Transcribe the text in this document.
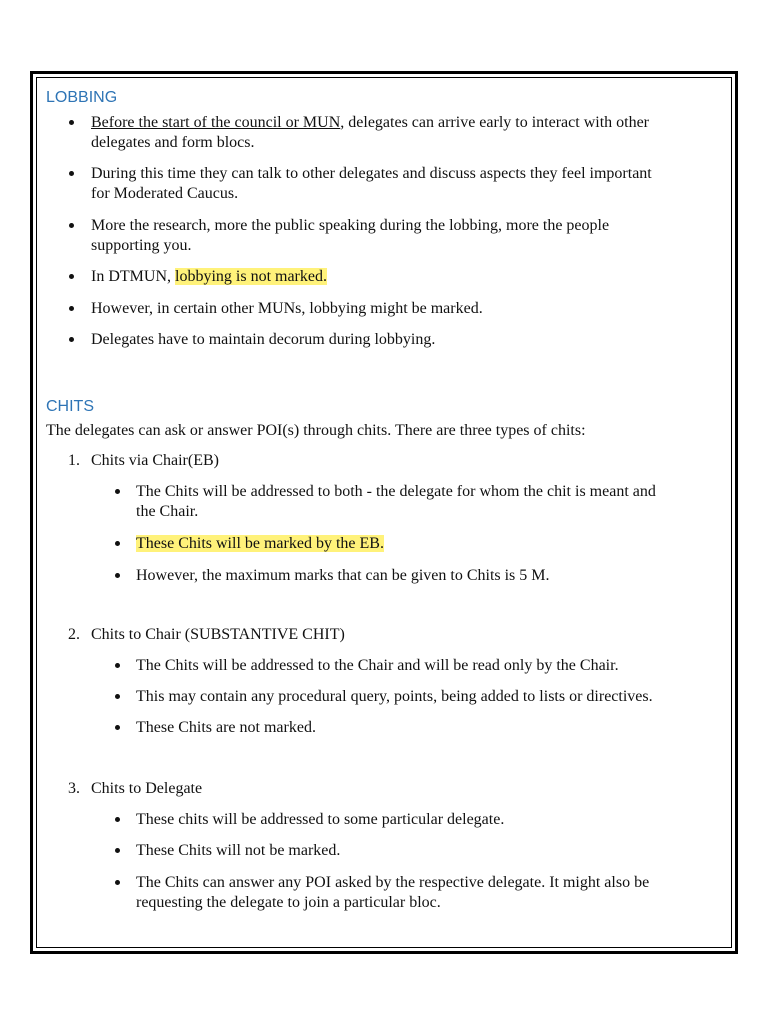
LOBBING
Before the start of the council or MUN, delegates can arrive early to interact with other
delegates and form blocs.
During this time they can talk to other delegates and discuss aspects they feel important
for Moderated Caucus.
More the research, more the public speaking during the lobbing, more the people
supporting you.
In DTMUN, lobbying is not marked.
However, in certain other MUNs, lobbying might be marked.
Delegates have to maintain decorum during lobbying.
CHITS
The delegates can ask or answer POI(s) through chits. There are three types of chits:
1. Chits via Chair(EB)
The Chits will be addressed to both - the delegate for whom the chit is meant and
the Chair.
These Chits will be marked by the EB.
However, the maximum marks that can be given to Chits is 5 M.
2. Chits to Chair (SUBSTANTIVE CHIT)
The Chits will be addressed to the Chair and will be read only by the Chair.
This may contain any procedural query, points, being added to lists or directives.
These Chits are not marked.
3. Chits to Delegate
These chits will be addressed to some particular delegate.
These Chits will not be marked.
The Chits can answer any POI asked by the respective delegate. It might also be
requesting the delegate to join a particular bloc.
